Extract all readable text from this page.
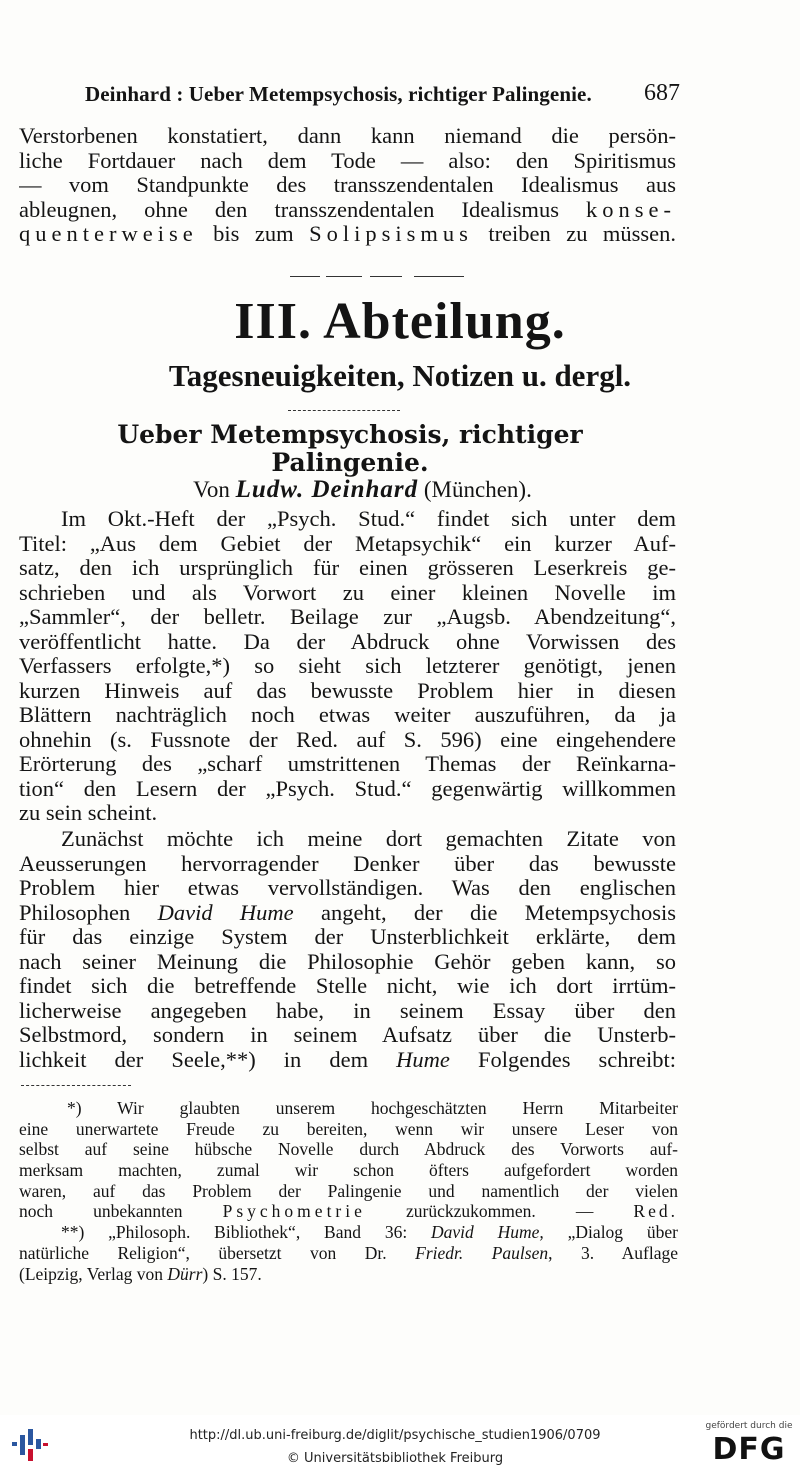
Deinhard : Ueber Metempsychosis, richtiger Palingenie. 687
Verstorbenen konstatiert, dann kann niemand die persön-
liche Fortdauer nach dem Tode — also: den Spiritismus
— vom Standpunkte des transszendentalen Idealismus aus
ableugnen, ohne den transszendentalen Idealismus konse-
quenterweise bis zum Solipsismus treiben zu müssen.
III. Abteilung.
Tagesneuigkeiten, Notizen u. dergl.
Ueber Metempsychosis, richtiger
Palingenie.
Von Ludw. Deinhard (München).
Im Okt.-Heft der „Psych. Stud.“ findet sich unter dem
Titel: „Aus dem Gebiet der Metapsychik“ ein kurzer Auf-
satz, den ich ursprünglich für einen grösseren Leserkreis ge-
schrieben und als Vorwort zu einer kleinen Novelle im
„Sammler“, der belletr. Beilage zur „Augsb. Abendzeitung“,
veröffentlicht hatte. Da der Abdruck ohne Vorwissen des
Verfassers erfolgte,*) so sieht sich letzterer genötigt, jenen
kurzen Hinweis auf das bewusste Problem hier in diesen
Blättern nachträglich noch etwas weiter auszuführen, da ja
ohnehin (s. Fussnote der Red. auf S. 596) eine eingehendere
Erörterung des „scharf umstrittenen Themas der Reïnkarna-
tion“ den Lesern der „Psych. Stud.“ gegenwärtig willkommen
zu sein scheint.
Zunächst möchte ich meine dort gemachten Zitate von
Aeusserungen hervorragender Denker über das bewusste
Problem hier etwas vervollständigen. Was den englischen
Philosophen David Hume angeht, der die Metempsychosis
für das einzige System der Unsterblichkeit erklärte, dem
nach seiner Meinung die Philosophie Gehör geben kann, so
findet sich die betreffende Stelle nicht, wie ich dort irrtüm-
licherweise angegeben habe, in seinem Essay über den
Selbstmord, sondern in seinem Aufsatz über die Unsterb-
lichkeit der Seele,**) in dem Hume Folgendes schreibt:
*) Wir glaubten unserem hochgeschätzten Herrn Mitarbeiter
eine unerwartete Freude zu bereiten, wenn wir unsere Leser von
selbst auf seine hübsche Novelle durch Abdruck des Vorworts auf-
merksam machten, zumal wir schon öfters aufgefordert worden
waren, auf das Problem der Palingenie und namentlich der vielen
noch unbekannten Psychometrie zurückzukommen. — Red.
**) „Philosoph. Bibliothek“, Band 36: David Hume, „Dialog über
natürliche Religion“, übersetzt von Dr. Friedr. Paulsen, 3. Auflage
(Leipzig, Verlag von Dürr) S. 157.
http://dl.ub.uni-freiburg.de/diglit/psychische_studien1906/0709
© Universitätsbibliothek Freiburg
gefördert durch die
DFG
